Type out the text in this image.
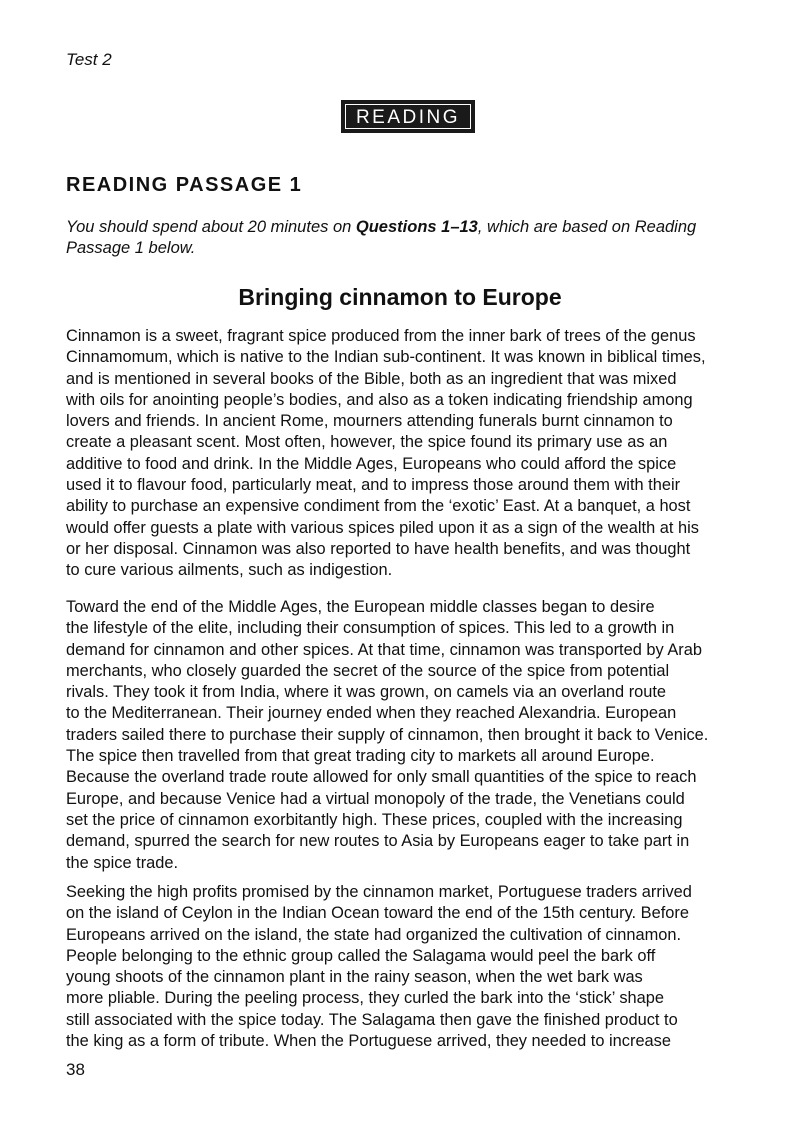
Test 2
READING
READING PASSAGE 1
You should spend about 20 minutes on Questions 1–13, which are based on Reading
Passage 1 below.
Bringing cinnamon to Europe
Cinnamon is a sweet, fragrant spice produced from the inner bark of trees of the genus
Cinnamomum, which is native to the Indian sub-continent. It was known in biblical times,
and is mentioned in several books of the Bible, both as an ingredient that was mixed
with oils for anointing people’s bodies, and also as a token indicating friendship among
lovers and friends. In ancient Rome, mourners attending funerals burnt cinnamon to
create a pleasant scent. Most often, however, the spice found its primary use as an
additive to food and drink. In the Middle Ages, Europeans who could afford the spice
used it to flavour food, particularly meat, and to impress those around them with their
ability to purchase an expensive condiment from the ‘exotic’ East. At a banquet, a host
would offer guests a plate with various spices piled upon it as a sign of the wealth at his
or her disposal. Cinnamon was also reported to have health benefits, and was thought
to cure various ailments, such as indigestion.
Toward the end of the Middle Ages, the European middle classes began to desire
the lifestyle of the elite, including their consumption of spices. This led to a growth in
demand for cinnamon and other spices. At that time, cinnamon was transported by Arab
merchants, who closely guarded the secret of the source of the spice from potential
rivals. They took it from India, where it was grown, on camels via an overland route
to the Mediterranean. Their journey ended when they reached Alexandria. European
traders sailed there to purchase their supply of cinnamon, then brought it back to Venice.
The spice then travelled from that great trading city to markets all around Europe.
Because the overland trade route allowed for only small quantities of the spice to reach
Europe, and because Venice had a virtual monopoly of the trade, the Venetians could
set the price of cinnamon exorbitantly high. These prices, coupled with the increasing
demand, spurred the search for new routes to Asia by Europeans eager to take part in
the spice trade.
Seeking the high profits promised by the cinnamon market, Portuguese traders arrived
on the island of Ceylon in the Indian Ocean toward the end of the 15th century. Before
Europeans arrived on the island, the state had organized the cultivation of cinnamon.
People belonging to the ethnic group called the Salagama would peel the bark off
young shoots of the cinnamon plant in the rainy season, when the wet bark was
more pliable. During the peeling process, they curled the bark into the ‘stick’ shape
still associated with the spice today. The Salagama then gave the finished product to
the king as a form of tribute. When the Portuguese arrived, they needed to increase
38
